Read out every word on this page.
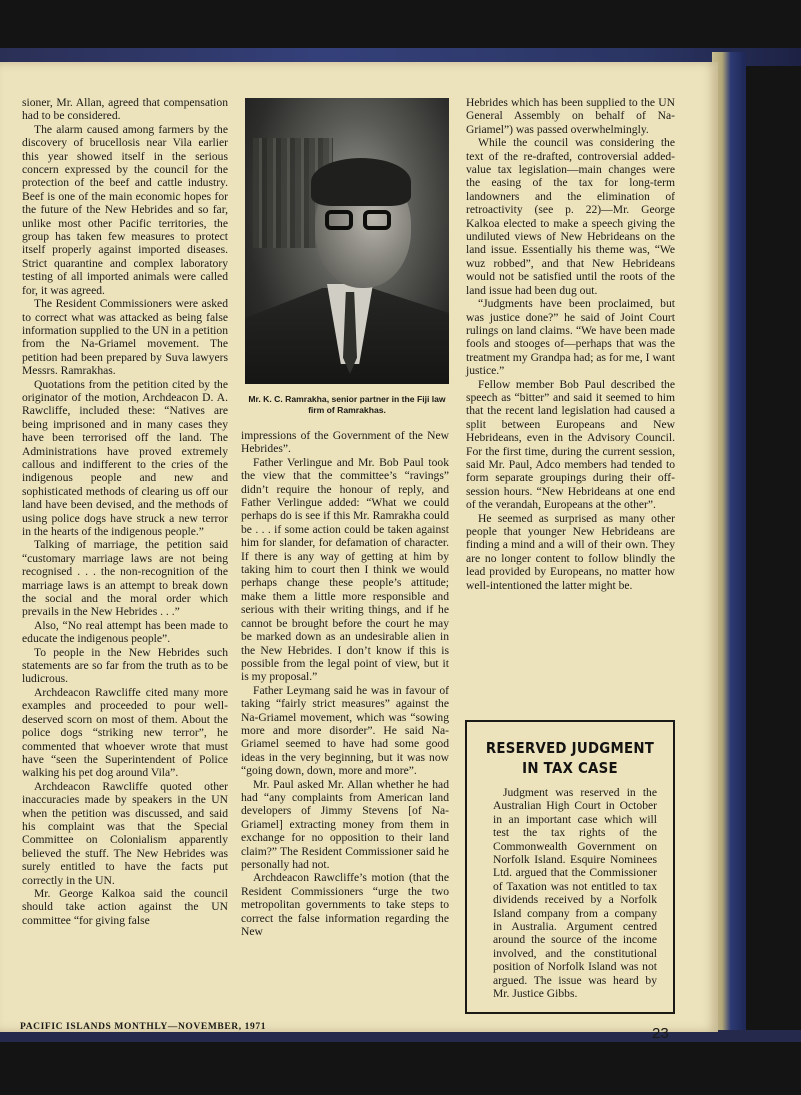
sioner, Mr. Allan, agreed that compensation had to be considered.

The alarm caused among farmers by the discovery of brucellosis near Vila earlier this year showed itself in the serious concern expressed by the council for the protection of the beef and cattle industry. Beef is one of the main economic hopes for the future of the New Hebrides and so far, unlike most other Pacific territories, the group has taken few measures to protect itself properly against imported diseases. Strict quarantine and complex laboratory testing of all imported animals were called for, it was agreed.

The Resident Commissioners were asked to correct what was attacked as being false information supplied to the UN in a petition from the Na-Griamel movement. The petition had been prepared by Suva lawyers Messrs. Ramrakhas.

Quotations from the petition cited by the originator of the motion, Archdeacon D. A. Rawcliffe, included these: “Natives are being imprisoned and in many cases they have been terrorised off the land. The Administrations have proved extremely callous and indifferent to the cries of the indigenous people and new and sophisticated methods of clearing us off our land have been devised, and the methods of using police dogs have struck a new terror in the hearts of the indigenous people.”

Talking of marriage, the petition said “customary marriage laws are not being recognised . . . the non-recognition of the marriage laws is an attempt to break down the social and the moral order which prevails in the New Hebrides . . .”

Also, “No real attempt has been made to educate the indigenous people”.

To people in the New Hebrides such statements are so far from the truth as to be ludicrous.

Archdeacon Rawcliffe cited many more examples and proceeded to pour well-deserved scorn on most of them. About the police dogs “striking new terror”, he commented that whoever wrote that must have “seen the Superintendent of Police walking his pet dog around Vila”.

Archdeacon Rawcliffe quoted other inaccuracies made by speakers in the UN when the petition was discussed, and said his complaint was that the Special Committee on Colonialism apparently believed the stuff. The New Hebrides was surely entitled to have the facts put correctly in the UN.

Mr. George Kalkoa said the council should take action against the UN committee “for giving false

Mr. K. C. Ramrakha, senior partner in the Fiji law firm of Ramrakhas.

impressions of the Government of the New Hebrides”.

Father Verlingue and Mr. Bob Paul took the view that the committee’s “ravings” didn’t require the honour of reply, and Father Verlingue added: “What we could perhaps do is see if this Mr. Ramrakha could be . . . if some action could be taken against him for slander, for defamation of character. If there is any way of getting at him by taking him to court then I think we would perhaps change these people’s attitude; make them a little more responsible and serious with their writing things, and if he cannot be brought before the court he may be marked down as an undesirable alien in the New Hebrides. I don’t know if this is possible from the legal point of view, but it is my proposal.”

Father Leymang said he was in favour of taking “fairly strict measures” against the Na-Griamel movement, which was “sowing more and more disorder”. He said Na-Griamel seemed to have had some good ideas in the very beginning, but it was now “going down, down, more and more”.

Mr. Paul asked Mr. Allan whether he had had “any complaints from American land developers of Jimmy Stevens [of Na-Griamel] extracting money from them in exchange for no opposition to their land claim?” The Resident Commissioner said he personally had not.

Archdeacon Rawcliffe’s motion (that the Resident Commissioners “urge the two metropolitan governments to take steps to correct the false information regarding the New

Hebrides which has been supplied to the UN General Assembly on behalf of Na-Griamel”) was passed overwhelmingly.

While the council was considering the text of the re-drafted, controversial added-value tax legislation—main changes were the easing of the tax for long-term landowners and the elimination of retroactivity (see p. 22)—Mr. George Kalkoa elected to make a speech giving the undiluted views of New Hebrideans on the land issue. Essentially his theme was, “We wuz robbed”, and that New Hebrideans would not be satisfied until the roots of the land issue had been dug out.

“Judgments have been proclaimed, but was justice done?” he said of Joint Court rulings on land claims. “We have been made fools and stooges of—perhaps that was the treatment my Grandpa had; as for me, I want justice.”

Fellow member Bob Paul described the speech as “bitter” and said it seemed to him that the recent land legislation had caused a split between Europeans and New Hebrideans, even in the Advisory Council. For the first time, during the current session, said Mr. Paul, Adco members had tended to form separate groupings during their off-session hours. “New Hebrideans at one end of the verandah, Europeans at the other”.

He seemed as surprised as many other people that younger New Hebrideans are finding a mind and a will of their own. They are no longer content to follow blindly the lead provided by Europeans, no matter how well-intentioned the latter might be.

RESERVED JUDGMENT
IN TAX CASE

Judgment was reserved in the Australian High Court in October in an important case which will test the tax rights of the Commonwealth Government on Norfolk Island. Esquire Nominees Ltd. argued that the Commissioner of Taxation was not entitled to tax dividends received by a Norfolk Island company from a company in Australia. Argument centred around the source of the income involved, and the constitutional position of Norfolk Island was not argued. The issue was heard by Mr. Justice Gibbs.

PACIFIC ISLANDS MONTHLY—NOVEMBER, 1971	23
